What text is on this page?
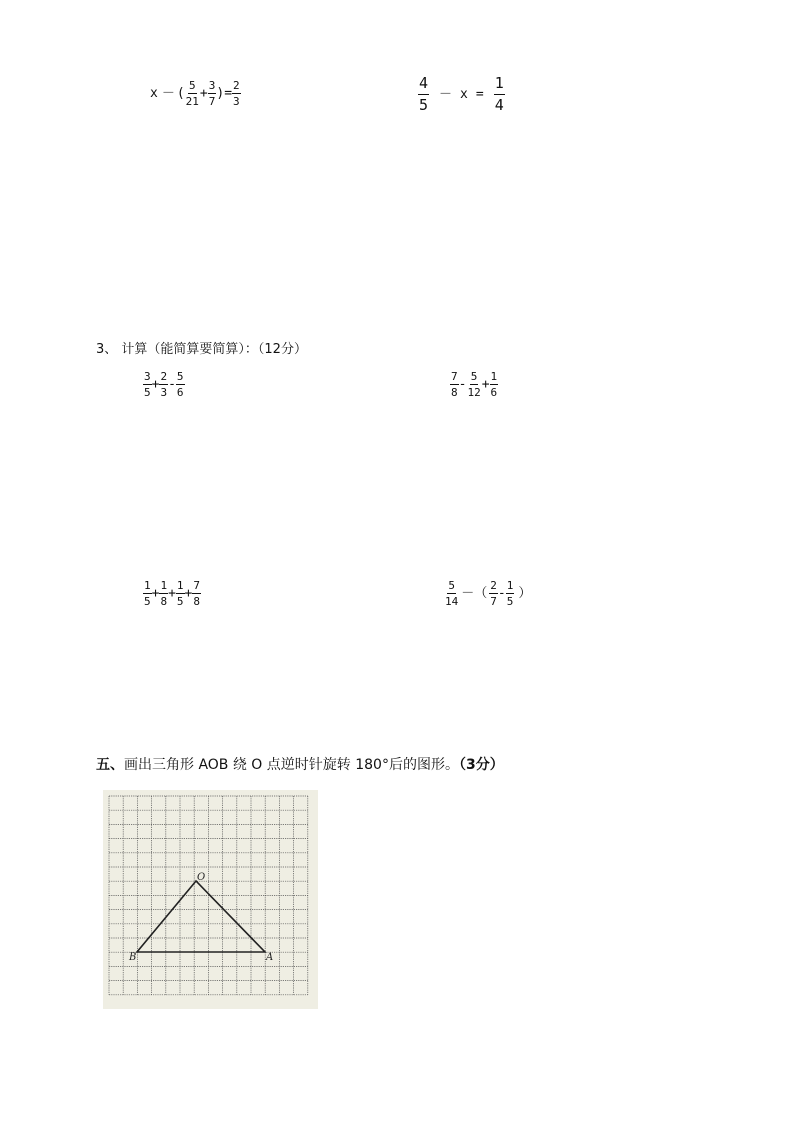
x － ( $\frac{5}{21} + \frac{3}{7}$ )= $\frac{2}{3}$	$\frac{4}{5} - x = \frac{1}{4}$
3、 计算（能简算要简算）：（12分）
$\frac{3}{5} + \frac{2}{3} - \frac{5}{6}$	$\frac{7}{8} - \frac{5}{12} + \frac{1}{6}$
$\frac{1}{5} + \frac{1}{8} + \frac{1}{5} + \frac{7}{8}$	$\frac{5}{14}$ －（ $\frac{2}{7} - \frac{1}{5}$ ）
五、画出三角形 AOB 绕 O 点逆时针旋转 180°后的图形。（3分）
O
B	A
